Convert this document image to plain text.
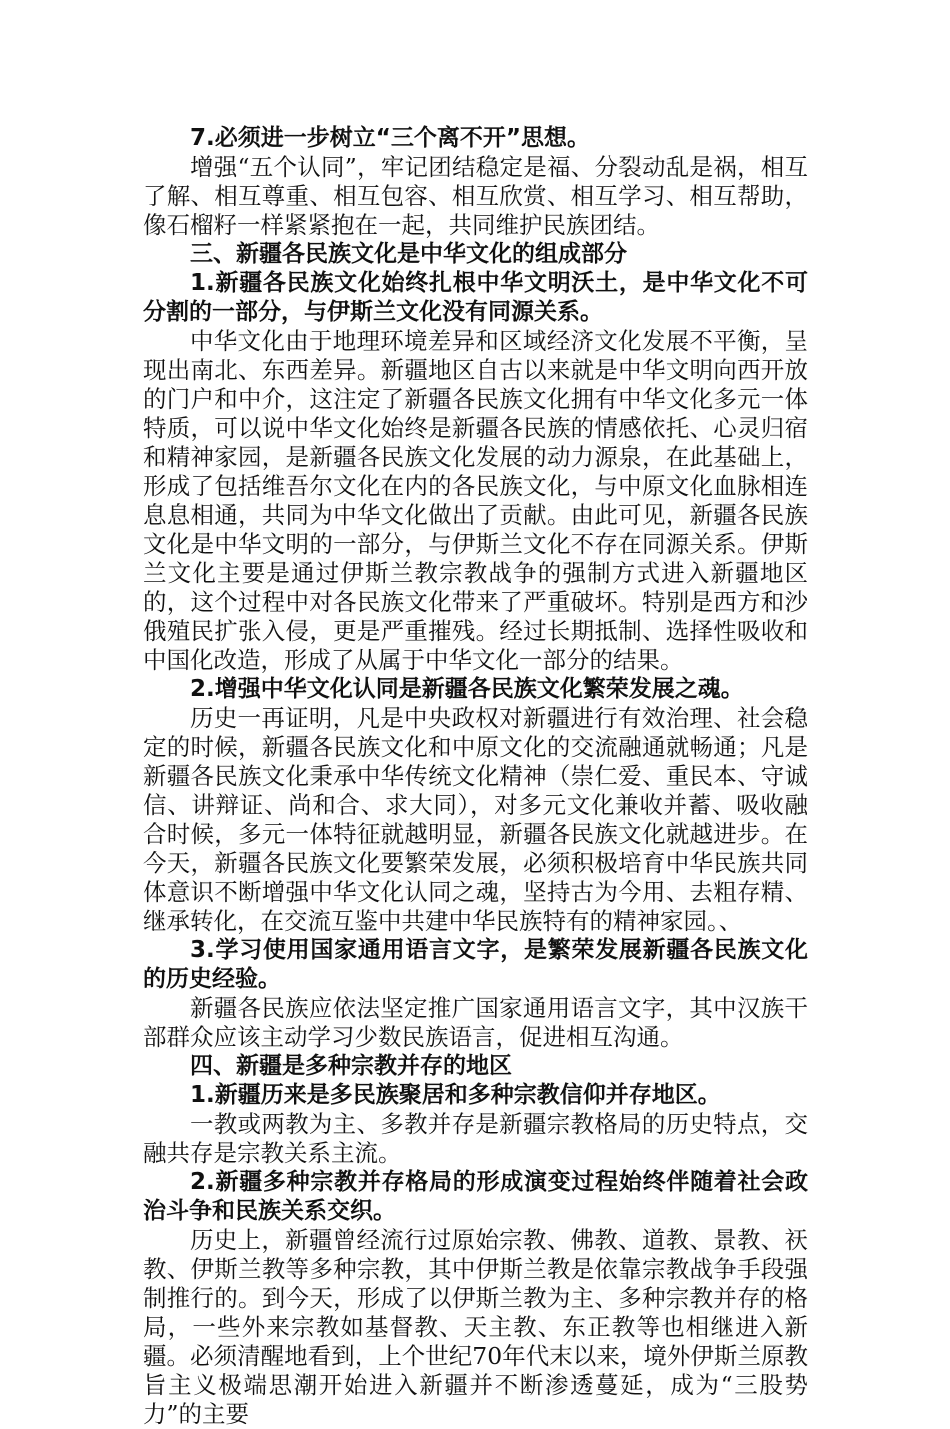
7.必须进一步树立“三个离不开”思想。

增强“五个认同”，牢记团结稳定是福、分裂动乱是祸，相互了解、相互尊重、相互包容、相互欣赏、相互学习、相互帮助，像石榴籽一样紧紧抱在一起，共同维护民族团结。

三、新疆各民族文化是中华文化的组成部分

1.新疆各民族文化始终扎根中华文明沃土，是中华文化不可分割的一部分，与伊斯兰文化没有同源关系。

中华文化由于地理环境差异和区域经济文化发展不平衡，呈现出南北、东西差异。新疆地区自古以来就是中华文明向西开放的门户和中介，这注定了新疆各民族文化拥有中华文化多元一体特质，可以说中华文化始终是新疆各民族的情感依托、心灵归宿和精神家园，是新疆各民族文化发展的动力源泉，在此基础上，形成了包括维吾尔文化在内的各民族文化，与中原文化血脉相连息息相通，共同为中华文化做出了贡献。由此可见，新疆各民族文化是中华文明的一部分，与伊斯兰文化不存在同源关系。伊斯兰文化主要是通过伊斯兰教宗教战争的强制方式进入新疆地区的，这个过程中对各民族文化带来了严重破坏。特别是西方和沙俄殖民扩张入侵，更是严重摧残。经过长期抵制、选择性吸收和中国化改造，形成了从属于中华文化一部分的结果。

2.增强中华文化认同是新疆各民族文化繁荣发展之魂。

历史一再证明，凡是中央政权对新疆进行有效治理、社会稳定的时候，新疆各民族文化和中原文化的交流融通就畅通；凡是新疆各民族文化秉承中华传统文化精神（崇仁爱、重民本、守诚信、讲辩证、尚和合、求大同），对多元文化兼收并蓄、吸收融合时候，多元一体特征就越明显，新疆各民族文化就越进步。在今天，新疆各民族文化要繁荣发展，必须积极培育中华民族共同体意识不断增强中华文化认同之魂，坚持古为今用、去粗存精、继承转化，在交流互鉴中共建中华民族特有的精神家园。、

3.学习使用国家通用语言文字，是繁荣发展新疆各民族文化的历史经验。

新疆各民族应依法坚定推广国家通用语言文字，其中汉族干部群众应该主动学习少数民族语言，促进相互沟通。

四、新疆是多种宗教并存的地区

1.新疆历来是多民族聚居和多种宗教信仰并存地区。

一教或两教为主、多教并存是新疆宗教格局的历史特点，交融共存是宗教关系主流。

2.新疆多种宗教并存格局的形成演变过程始终伴随着社会政治斗争和民族关系交织。

历史上，新疆曾经流行过原始宗教、佛教、道教、景教、祆教、伊斯兰教等多种宗教，其中伊斯兰教是依靠宗教战争手段强制推行的。到今天，形成了以伊斯兰教为主、多种宗教并存的格局，一些外来宗教如基督教、天主教、东正教等也相继进入新疆。必须清醒地看到，上个世纪70年代末以来，境外伊斯兰原教旨主义极端思潮开始进入新疆并不断渗透蔓延，成为“三股势力”的主要
